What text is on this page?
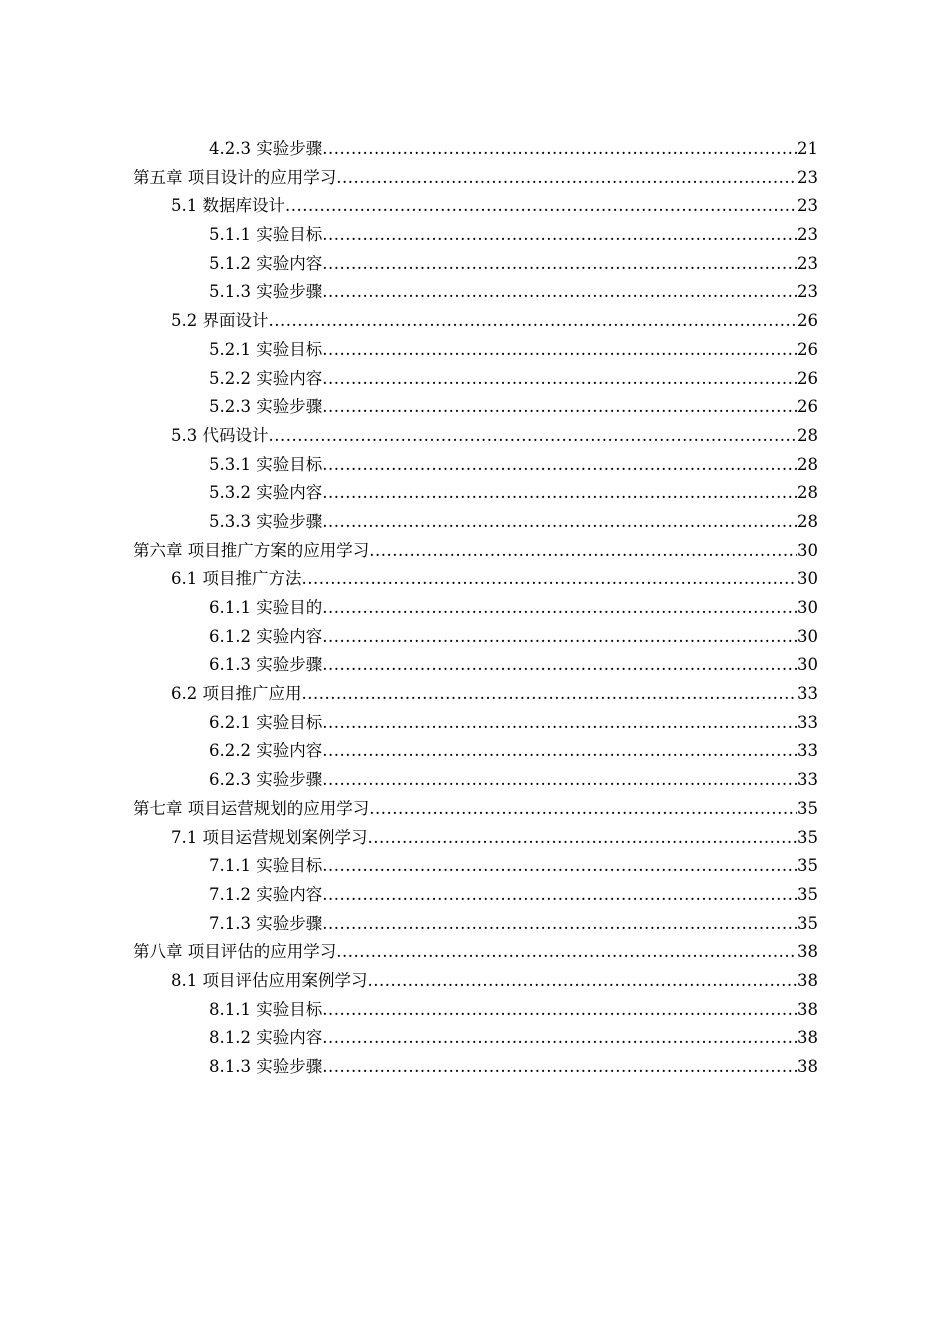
4.2.3 实验步骤 .....	21
第五章 项目设计的应用学习 .....	23
5.1 数据库设计 .....	23
5.1.1 实验目标 .....	23
5.1.2 实验内容 .....	23
5.1.3 实验步骤 .....	23
5.2 界面设计 .....	26
5.2.1 实验目标 .....	26
5.2.2 实验内容 .....	26
5.2.3 实验步骤 .....	26
5.3 代码设计 .....	28
5.3.1 实验目标 .....	28
5.3.2 实验内容 .....	28
5.3.3 实验步骤 .....	28
第六章 项目推广方案的应用学习 .....	30
6.1 项目推广方法 .....	30
6.1.1 实验目的 .....	30
6.1.2 实验内容 .....	30
6.1.3 实验步骤 .....	30
6.2 项目推广应用 .....	33
6.2.1 实验目标 .....	33
6.2.2 实验内容 .....	33
6.2.3 实验步骤 .....	33
第七章 项目运营规划的应用学习 .....	35
7.1 项目运营规划案例学习 .....	35
7.1.1 实验目标 .....	35
7.1.2 实验内容 .....	35
7.1.3 实验步骤 .....	35
第八章 项目评估的应用学习 .....	38
8.1 项目评估应用案例学习 .....	38
8.1.1 实验目标 .....	38
8.1.2 实验内容 .....	38
8.1.3 实验步骤 .....	38
